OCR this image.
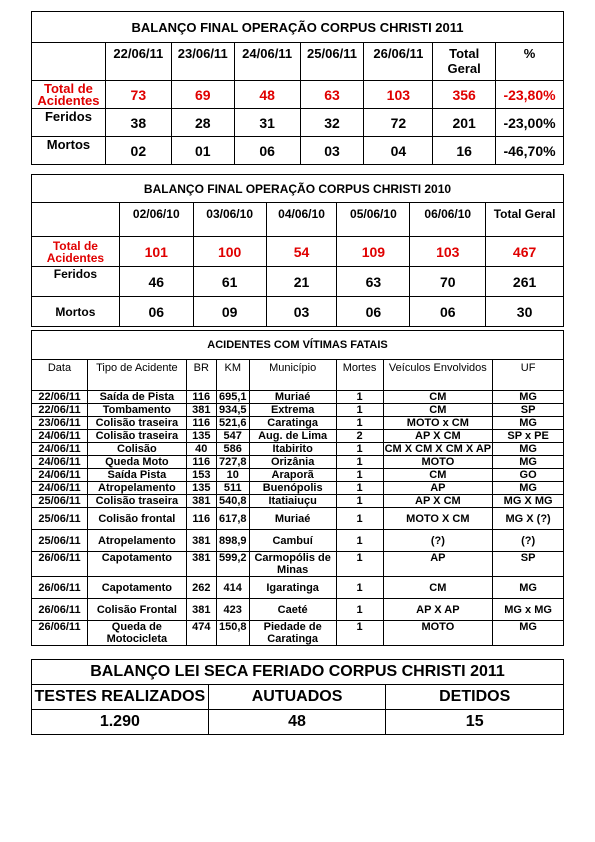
BALANÇO FINAL OPERAÇÃO CORPUS CHRISTI 2011							
	22/06/11	23/06/11	24/06/11	25/06/11	26/06/11	Total Geral	%
Total de Acidentes	73	69	48	63	103	356	-23,80%
Feridos	38	28	31	32	72	201	-23,00%
Mortos	02	01	06	03	04	16	-46,70%
BALANÇO FINAL OPERAÇÃO CORPUS CHRISTI 2010						
	02/06/10	03/06/10	04/06/10	05/06/10	06/06/10	Total Geral
Total de Acidentes	101	100	54	109	103	467
Feridos	46	61	21	63	70	261
Mortos	06	09	03	06	06	30
ACIDENTES COM VÍTIMAS FATAIS							
Data	Tipo de Acidente	BR	KM	Município	Mortes	Veículos Envolvidos	UF
22/06/11	Saída de Pista	116	695,1	Muriaé	1	CM	MG
22/06/11	Tombamento	381	934,5	Extrema	1	CM	SP
23/06/11	Colisão traseira	116	521,6	Caratinga	1	MOTO x CM	MG
24/06/11	Colisão traseira	135	547	Aug. de Lima	2	AP X CM	SP x PE
24/06/11	Colisão	40	586	Itabirito	1	CM X CM X CM X AP	MG
24/06/11	Queda Moto	116	727,8	Orizânia	1	MOTO	MG
24/06/11	Saída Pista	153	10	Araporã	1	CM	GO
24/06/11	Atropelamento	135	511	Buenópolis	1	AP	MG
25/06/11	Colisão traseira	381	540,8	Itatiaiuçu	1	AP X CM	MG X MG
25/06/11	Colisão frontal	116	617,8	Muriaé	1	MOTO X CM	MG X (?)
25/06/11	Atropelamento	381	898,9	Cambuí	1	(?)	(?)
26/06/11	Capotamento	381	599,2	Carmopólis de Minas	1	AP	SP
26/06/11	Capotamento	262	414	Igaratinga	1	CM	MG
26/06/11	Colisão Frontal	381	423	Caeté	1	AP X AP	MG x MG
26/06/11	Queda de Motocicleta	474	150,8	Piedade de Caratinga	1	MOTO	MG
BALANÇO LEI SECA FERIADO CORPUS CHRISTI 2011		
TESTES REALIZADOS	AUTUADOS	DETIDOS
1.290	48	15
